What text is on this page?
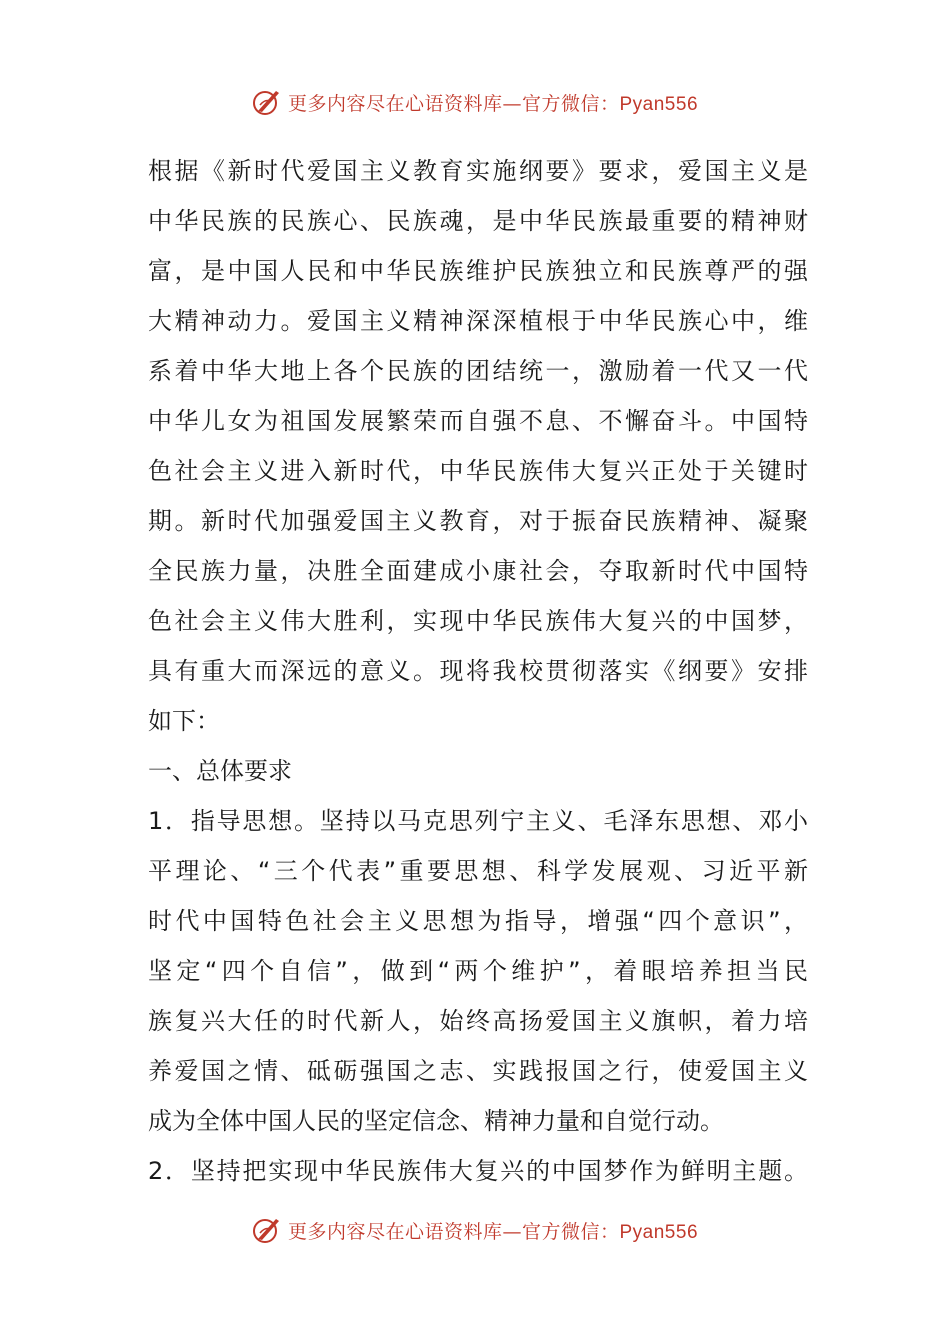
更多内容尽在心语资料库—官方微信：Pyan556
根据《新时代爱国主义教育实施纲要》要求，爱国主义是
中华民族的民族心、民族魂，是中华民族最重要的精神财
富，是中国人民和中华民族维护民族独立和民族尊严的强
大精神动力。爱国主义精神深深植根于中华民族心中，维
系着中华大地上各个民族的团结统一，激励着一代又一代
中华儿女为祖国发展繁荣而自强不息、不懈奋斗。中国特
色社会主义进入新时代，中华民族伟大复兴正处于关键时
期。新时代加强爱国主义教育，对于振奋民族精神、凝聚
全民族力量，决胜全面建成小康社会，夺取新时代中国特
色社会主义伟大胜利，实现中华民族伟大复兴的中国梦，
具有重大而深远的意义。现将我校贯彻落实《纲要》安排
如下：
一、总体要求
1．指导思想。坚持以马克思列宁主义、毛泽东思想、邓小
平理论、“三个代表”重要思想、科学发展观、习近平新
时代中国特色社会主义思想为指导，增强“四个意识”，
坚定“四个自信”，做到“两个维护”，着眼培养担当民
族复兴大任的时代新人，始终高扬爱国主义旗帜，着力培
养爱国之情、砥砺强国之志、实践报国之行，使爱国主义
成为全体中国人民的坚定信念、精神力量和自觉行动。
2．坚持把实现中华民族伟大复兴的中国梦作为鲜明主题。
更多内容尽在心语资料库—官方微信：Pyan556
